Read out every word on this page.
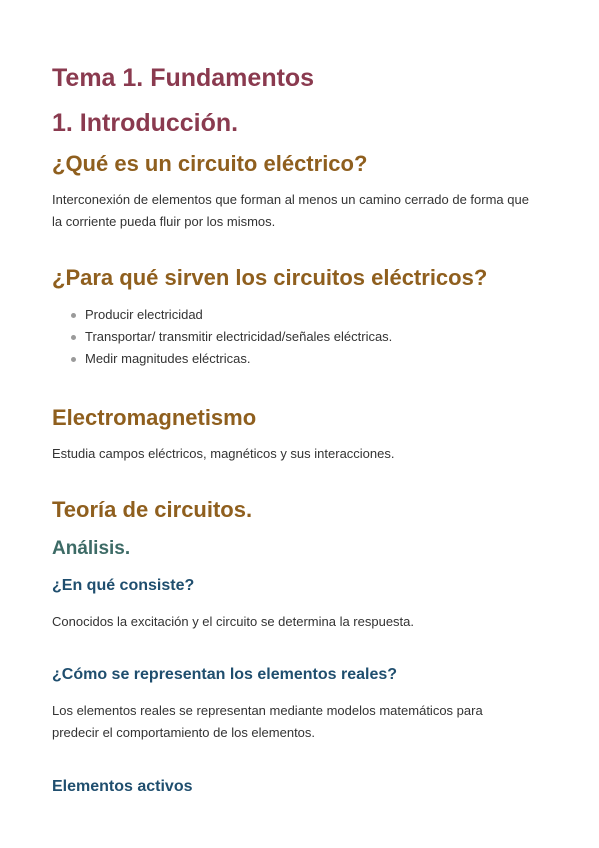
Tema 1. Fundamentos
1. Introducción.
¿Qué es un circuito eléctrico?

Interconexión de elementos que forman al menos un camino cerrado de forma que la corriente pueda fluir por los mismos.

¿Para qué sirven los circuitos eléctricos?
Producir electricidad
Transportar/ transmitir electricidad/señales eléctricas.
Medir magnitudes eléctricas.
Electromagnetismo

Estudia campos eléctricos, magnéticos y sus interacciones.

Teoría de circuitos.
Análisis.
¿En qué consiste?

Conocidos la excitación y el circuito se determina la respuesta.

¿Cómo se representan los elementos reales?

Los elementos reales se representan mediante modelos matemáticos para predecir el comportamiento de los elementos.

Elementos activos
